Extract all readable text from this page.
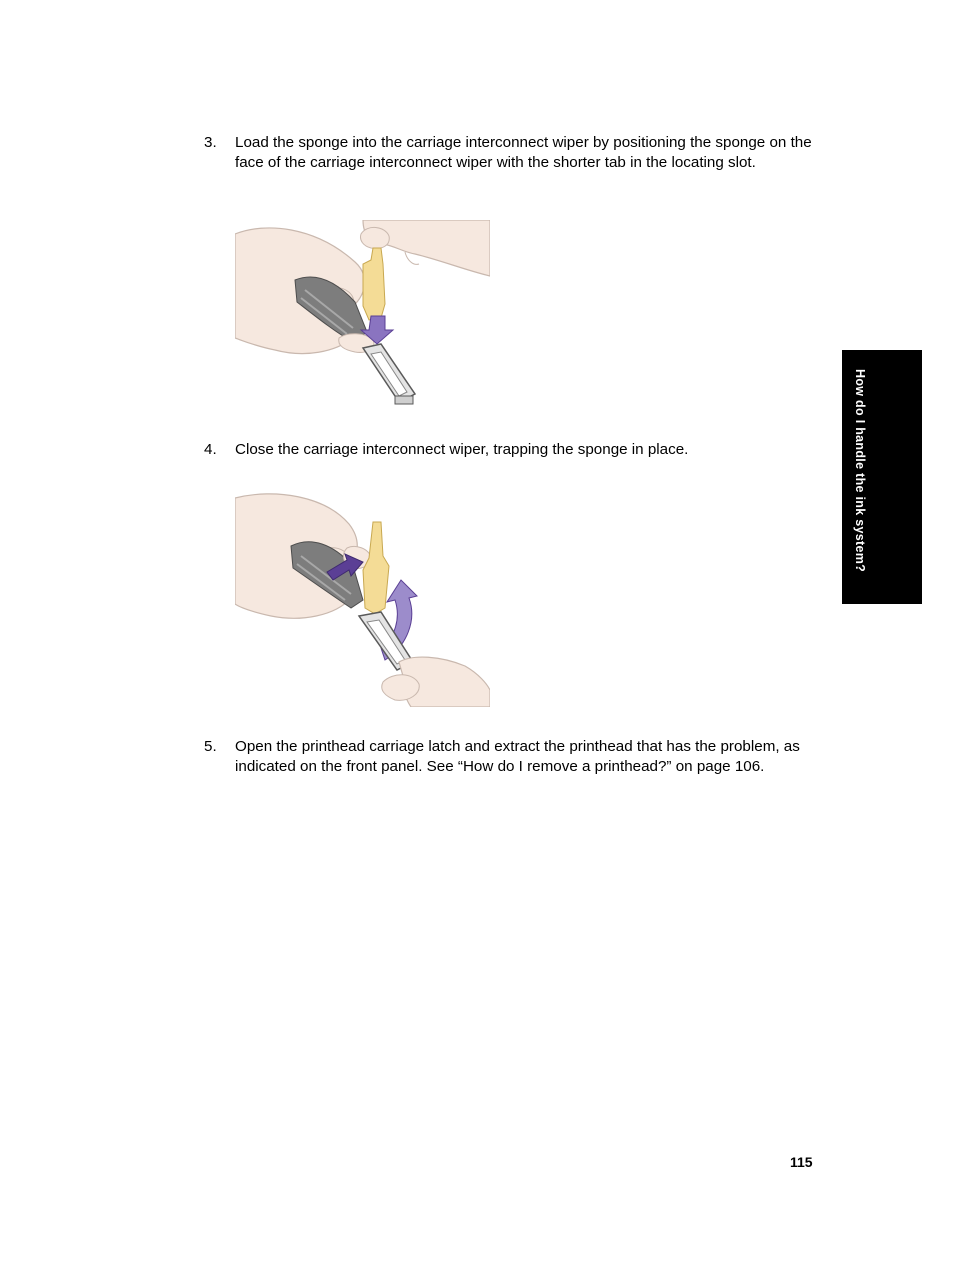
3.	Load the sponge into the carriage interconnect wiper by positioning the sponge on the face of the carriage interconnect wiper with the shorter tab in the locating slot.
4.	Close the carriage interconnect wiper, trapping the sponge in place.
5.	Open the printhead carriage latch and extract the printhead that has the problem, as indicated on the front panel. See “How do I remove a printhead?” on page 106.
How do I handle the ink system?
115
